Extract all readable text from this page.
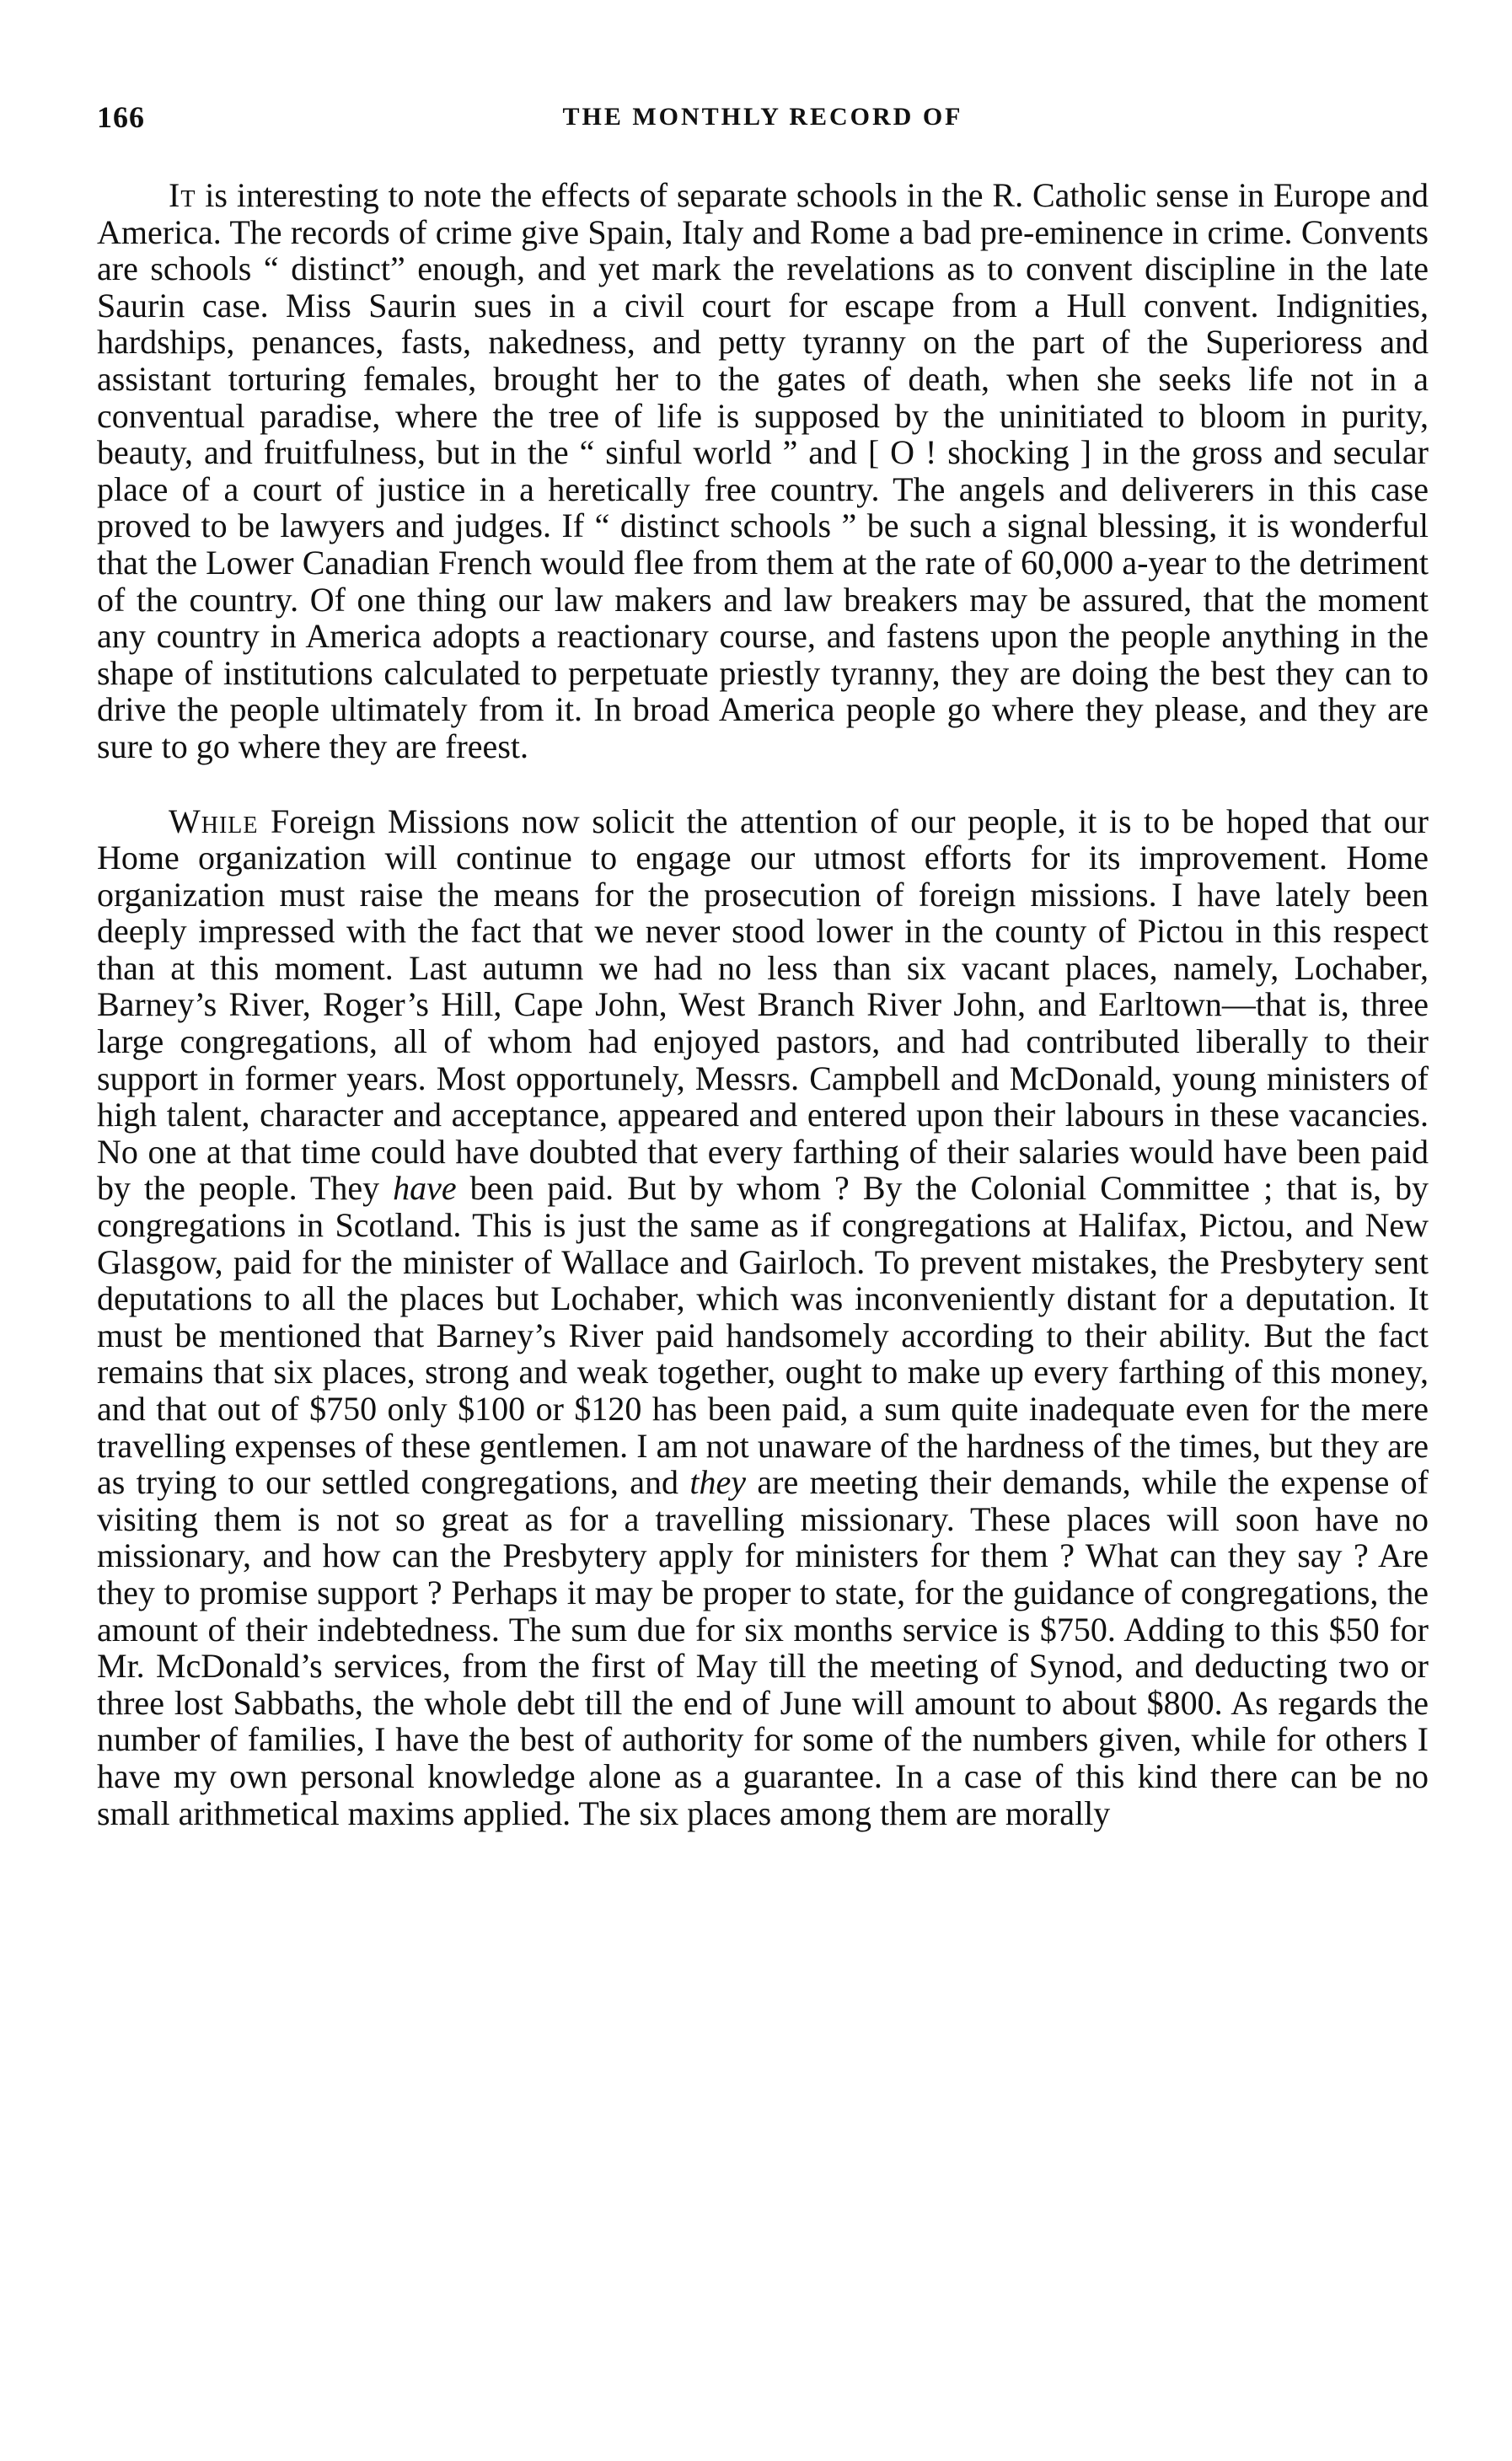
166	THE MONTHLY RECORD OF

It is interesting to note the effects of separate schools in the R. Catholic sense in Europe and America. The records of crime give Spain, Italy and Rome a bad pre-eminence in crime. Convents are schools “ distinct” enough, and yet mark the revelations as to convent discipline in the late Saurin case. Miss Saurin sues in a civil court for escape from a Hull convent. Indignities, hardships, penances, fasts, nakedness, and petty tyranny on the part of the Superioress and assistant torturing females, brought her to the gates of death, when she seeks life not in a conventual paradise, where the tree of life is supposed by the uninitiated to bloom in purity, beauty, and fruitfulness, but in the “ sinful world ” and [ O ! shocking ] in the gross and secular place of a court of justice in a heretically free country. The angels and deliverers in this case proved to be lawyers and judges. If “ distinct schools ” be such a signal blessing, it is wonderful that the Lower Canadian French would flee from them at the rate of 60,000 a-year to the detriment of the country. Of one thing our law makers and law breakers may be assured, that the moment any country in America adopts a reactionary course, and fastens upon the people anything in the shape of institutions calculated to perpetuate priestly tyranny, they are doing the best they can to drive the people ultimately from it. In broad America people go where they please, and they are sure to go where they are freest.

While Foreign Missions now solicit the attention of our people, it is to be hoped that our Home organization will continue to engage our utmost efforts for its improvement. Home organization must raise the means for the prosecution of foreign missions. I have lately been deeply impressed with the fact that we never stood lower in the county of Pictou in this respect than at this moment. Last autumn we had no less than six vacant places, namely, Lochaber, Barney’s River, Roger’s Hill, Cape John, West Branch River John, and Earltown—that is, three large congregations, all of whom had enjoyed pastors, and had contributed liberally to their support in former years. Most opportunely, Messrs. Campbell and McDonald, young ministers of high talent, character and acceptance, appeared and entered upon their labours in these vacancies. No one at that time could have doubted that every farthing of their salaries would have been paid by the people. They have been paid. But by whom ? By the Colonial Committee ; that is, by congregations in Scotland. This is just the same as if congregations at Halifax, Pictou, and New Glasgow, paid for the minister of Wallace and Gairloch. To prevent mistakes, the Presbytery sent deputations to all the places but Lochaber, which was inconveniently distant for a deputation. It must be mentioned that Barney’s River paid handsomely according to their ability. But the fact remains that six places, strong and weak together, ought to make up every farthing of this money, and that out of $750 only $100 or $120 has been paid, a sum quite inadequate even for the mere travelling expenses of these gentlemen. I am not unaware of the hardness of the times, but they are as trying to our settled congregations, and they are meeting their demands, while the expense of visiting them is not so great as for a travelling missionary. These places will soon have no missionary, and how can the Presbytery apply for ministers for them ? What can they say ? Are they to promise support ? Perhaps it may be proper to state, for the guidance of congregations, the amount of their indebtedness. The sum due for six months service is $750. Adding to this $50 for Mr. McDonald’s services, from the first of May till the meeting of Synod, and deducting two or three lost Sabbaths, the whole debt till the end of June will amount to about $800. As regards the number of families, I have the best of authority for some of the numbers given, while for others I have my own personal knowledge alone as a guarantee. In a case of this kind there can be no small arithmetical maxims applied. The six places among them are morally
